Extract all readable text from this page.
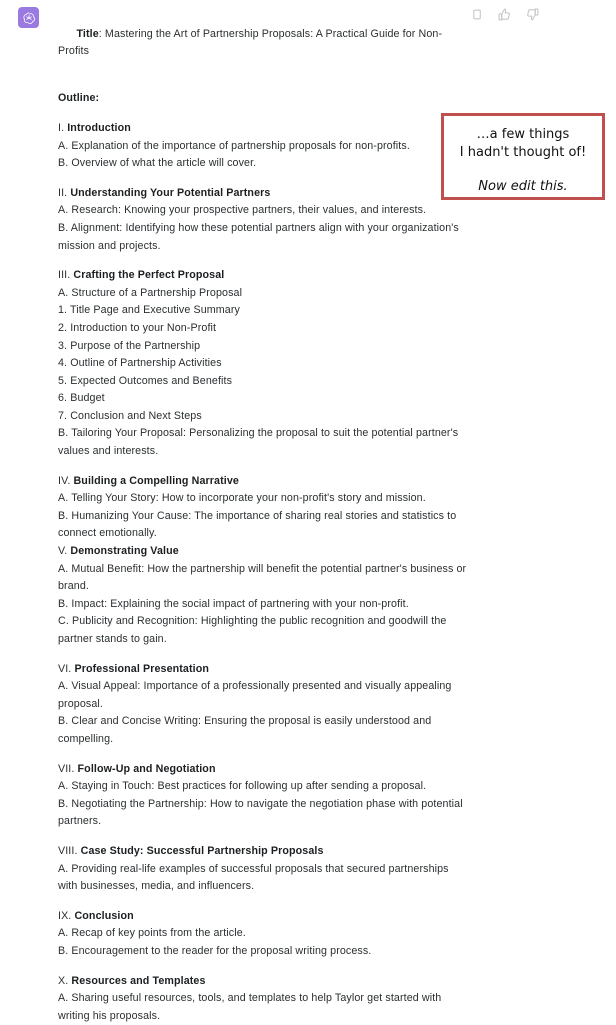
Title: Mastering the Art of Partnership Proposals: A Practical Guide for Non-Profits

Outline:
I. Introduction
A. Explanation of the importance of partnership proposals for non-profits.
B. Overview of what the article will cover.
II. Understanding Your Potential Partners
A. Research: Knowing your prospective partners, their values, and interests.
B. Alignment: Identifying how these potential partners align with your organization's mission and projects.
III. Crafting the Perfect Proposal
A. Structure of a Partnership Proposal
1. Title Page and Executive Summary
2. Introduction to your Non-Profit
3. Purpose of the Partnership
4. Outline of Partnership Activities
5. Expected Outcomes and Benefits
6. Budget
7. Conclusion and Next Steps
B. Tailoring Your Proposal: Personalizing the proposal to suit the potential partner's values and interests.
IV. Building a Compelling Narrative
A. Telling Your Story: How to incorporate your non-profit's story and mission.
B. Humanizing Your Cause: The importance of sharing real stories and statistics to connect emotionally.
V. Demonstrating Value
A. Mutual Benefit: How the partnership will benefit the potential partner's business or brand.
B. Impact: Explaining the social impact of partnering with your non-profit.
C. Publicity and Recognition: Highlighting the public recognition and goodwill the partner stands to gain.
VI. Professional Presentation
A. Visual Appeal: Importance of a professionally presented and visually appealing proposal.
B. Clear and Concise Writing: Ensuring the proposal is easily understood and compelling.
VII. Follow-Up and Negotiation
A. Staying in Touch: Best practices for following up after sending a proposal.
B. Negotiating the Partnership: How to navigate the negotiation phase with potential partners.
VIII. Case Study: Successful Partnership Proposals
A. Providing real-life examples of successful proposals that secured partnerships with businesses, media, and influencers.
IX. Conclusion
A. Recap of key points from the article.
B. Encouragement to the reader for the proposal writing process.
X. Resources and Templates
A. Sharing useful resources, tools, and templates to help Taylor get started with writing his proposals.
…a few things
I hadn't thought of!
Now edit this.
